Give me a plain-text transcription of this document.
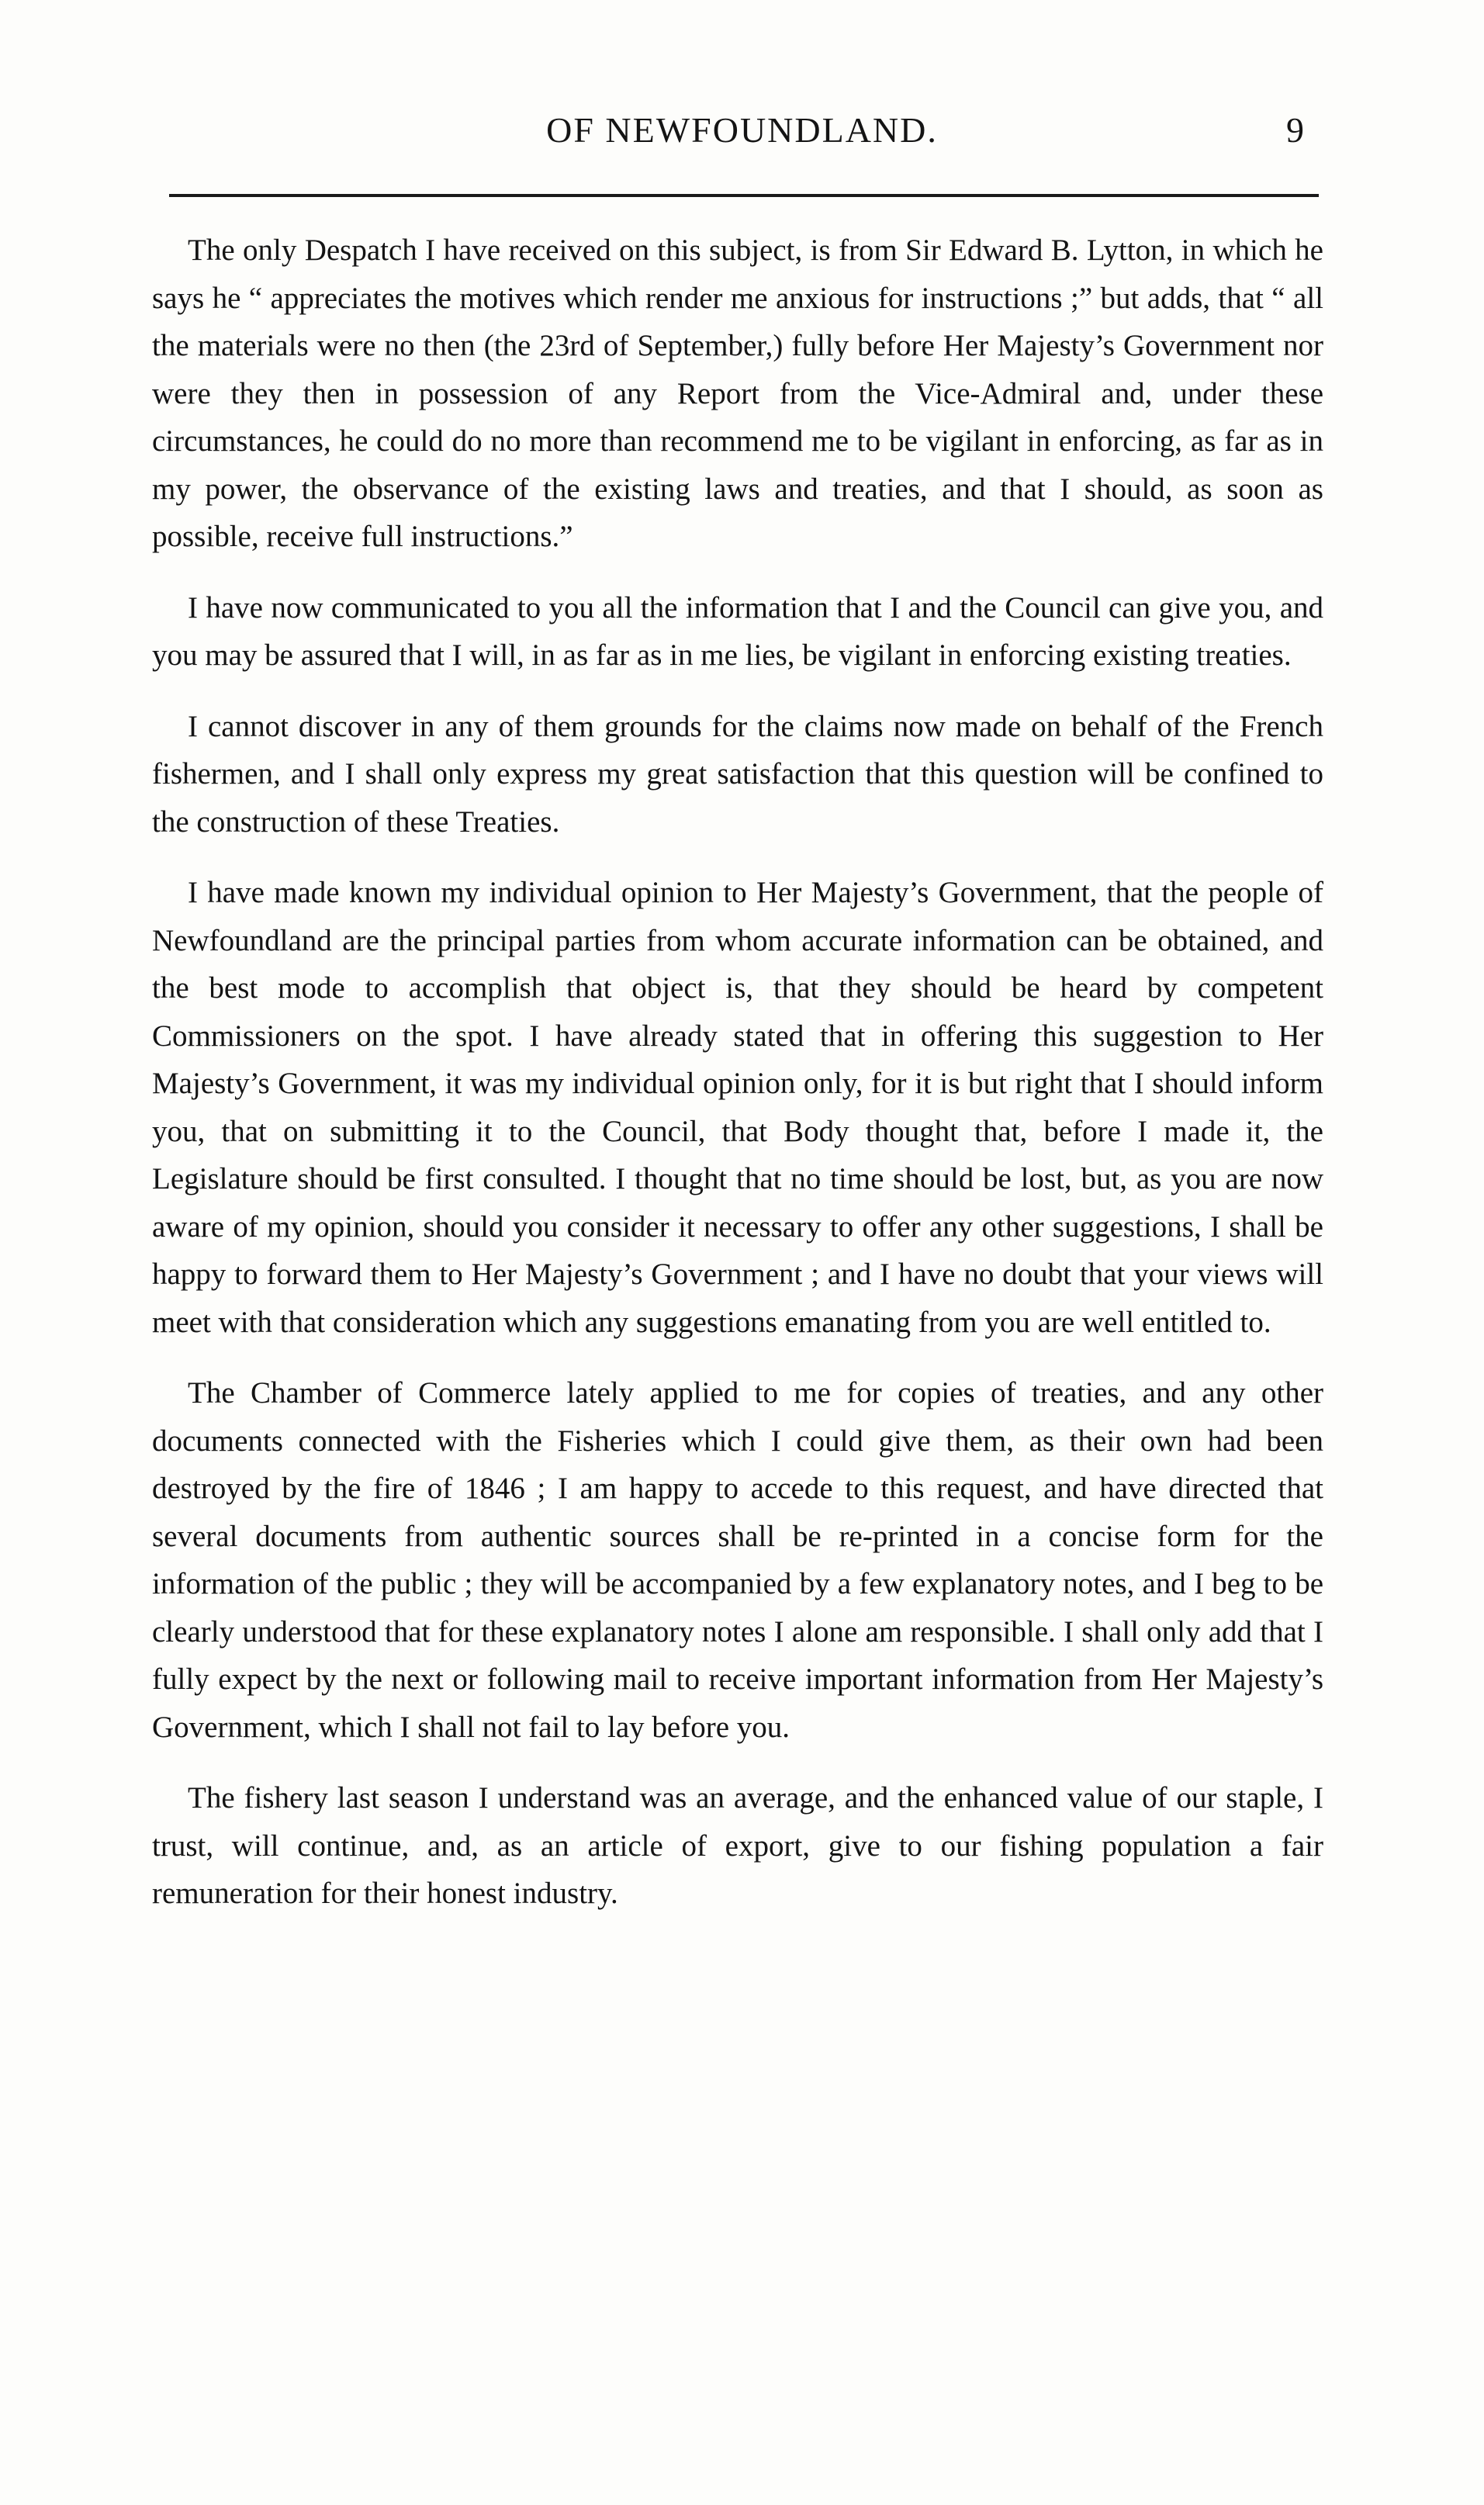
OF NEWFOUNDLAND.	9

The only Despatch I have received on this subject, is from Sir Edward B. Lytton, in which he says he “ appreciates the motives which render me anxious for instructions ;” but adds, that “ all the materials were no then (the 23rd of September,) fully before Her Majesty’s Government nor were they then in possession of any Report from the Vice-Admiral and, under these circumstances, he could do no more than recommend me to be vigilant in enforcing, as far as in my power, the observance of the existing laws and treaties, and that I should, as soon as possible, receive full instructions.”

I have now communicated to you all the information that I and the Council can give you, and you may be assured that I will, in as far as in me lies, be vigilant in enforcing existing treaties.

I cannot discover in any of them grounds for the claims now made on behalf of the French fishermen, and I shall only express my great satisfaction that this question will be confined to the construction of these Treaties.

I have made known my individual opinion to Her Majesty’s Government, that the people of Newfoundland are the principal parties from whom accurate information can be obtained, and the best mode to accomplish that object is, that they should be heard by competent Commissioners on the spot. I have already stated that in offering this suggestion to Her Majesty’s Government, it was my individual opinion only, for it is but right that I should inform you, that on submitting it to the Council, that Body thought that, before I made it, the Legislature should be first consulted. I thought that no time should be lost, but, as you are now aware of my opinion, should you consider it necessary to offer any other suggestions, I shall be happy to forward them to Her Majesty’s Government ; and I have no doubt that your views will meet with that consideration which any suggestions emanating from you are well entitled to.

The Chamber of Commerce lately applied to me for copies of treaties, and any other documents connected with the Fisheries which I could give them, as their own had been destroyed by the fire of 1846 ; I am happy to accede to this request, and have directed that several documents from authentic sources shall be re-printed in a concise form for the information of the public ; they will be accompanied by a few explanatory notes, and I beg to be clearly understood that for these explanatory notes I alone am responsible. I shall only add that I fully expect by the next or following mail to receive important information from Her Majesty’s Government, which I shall not fail to lay before you.

The fishery last season I understand was an average, and the enhanced value of our staple, I trust, will continue, and, as an article of export, give to our fishing population a fair remuneration for their honest industry.
